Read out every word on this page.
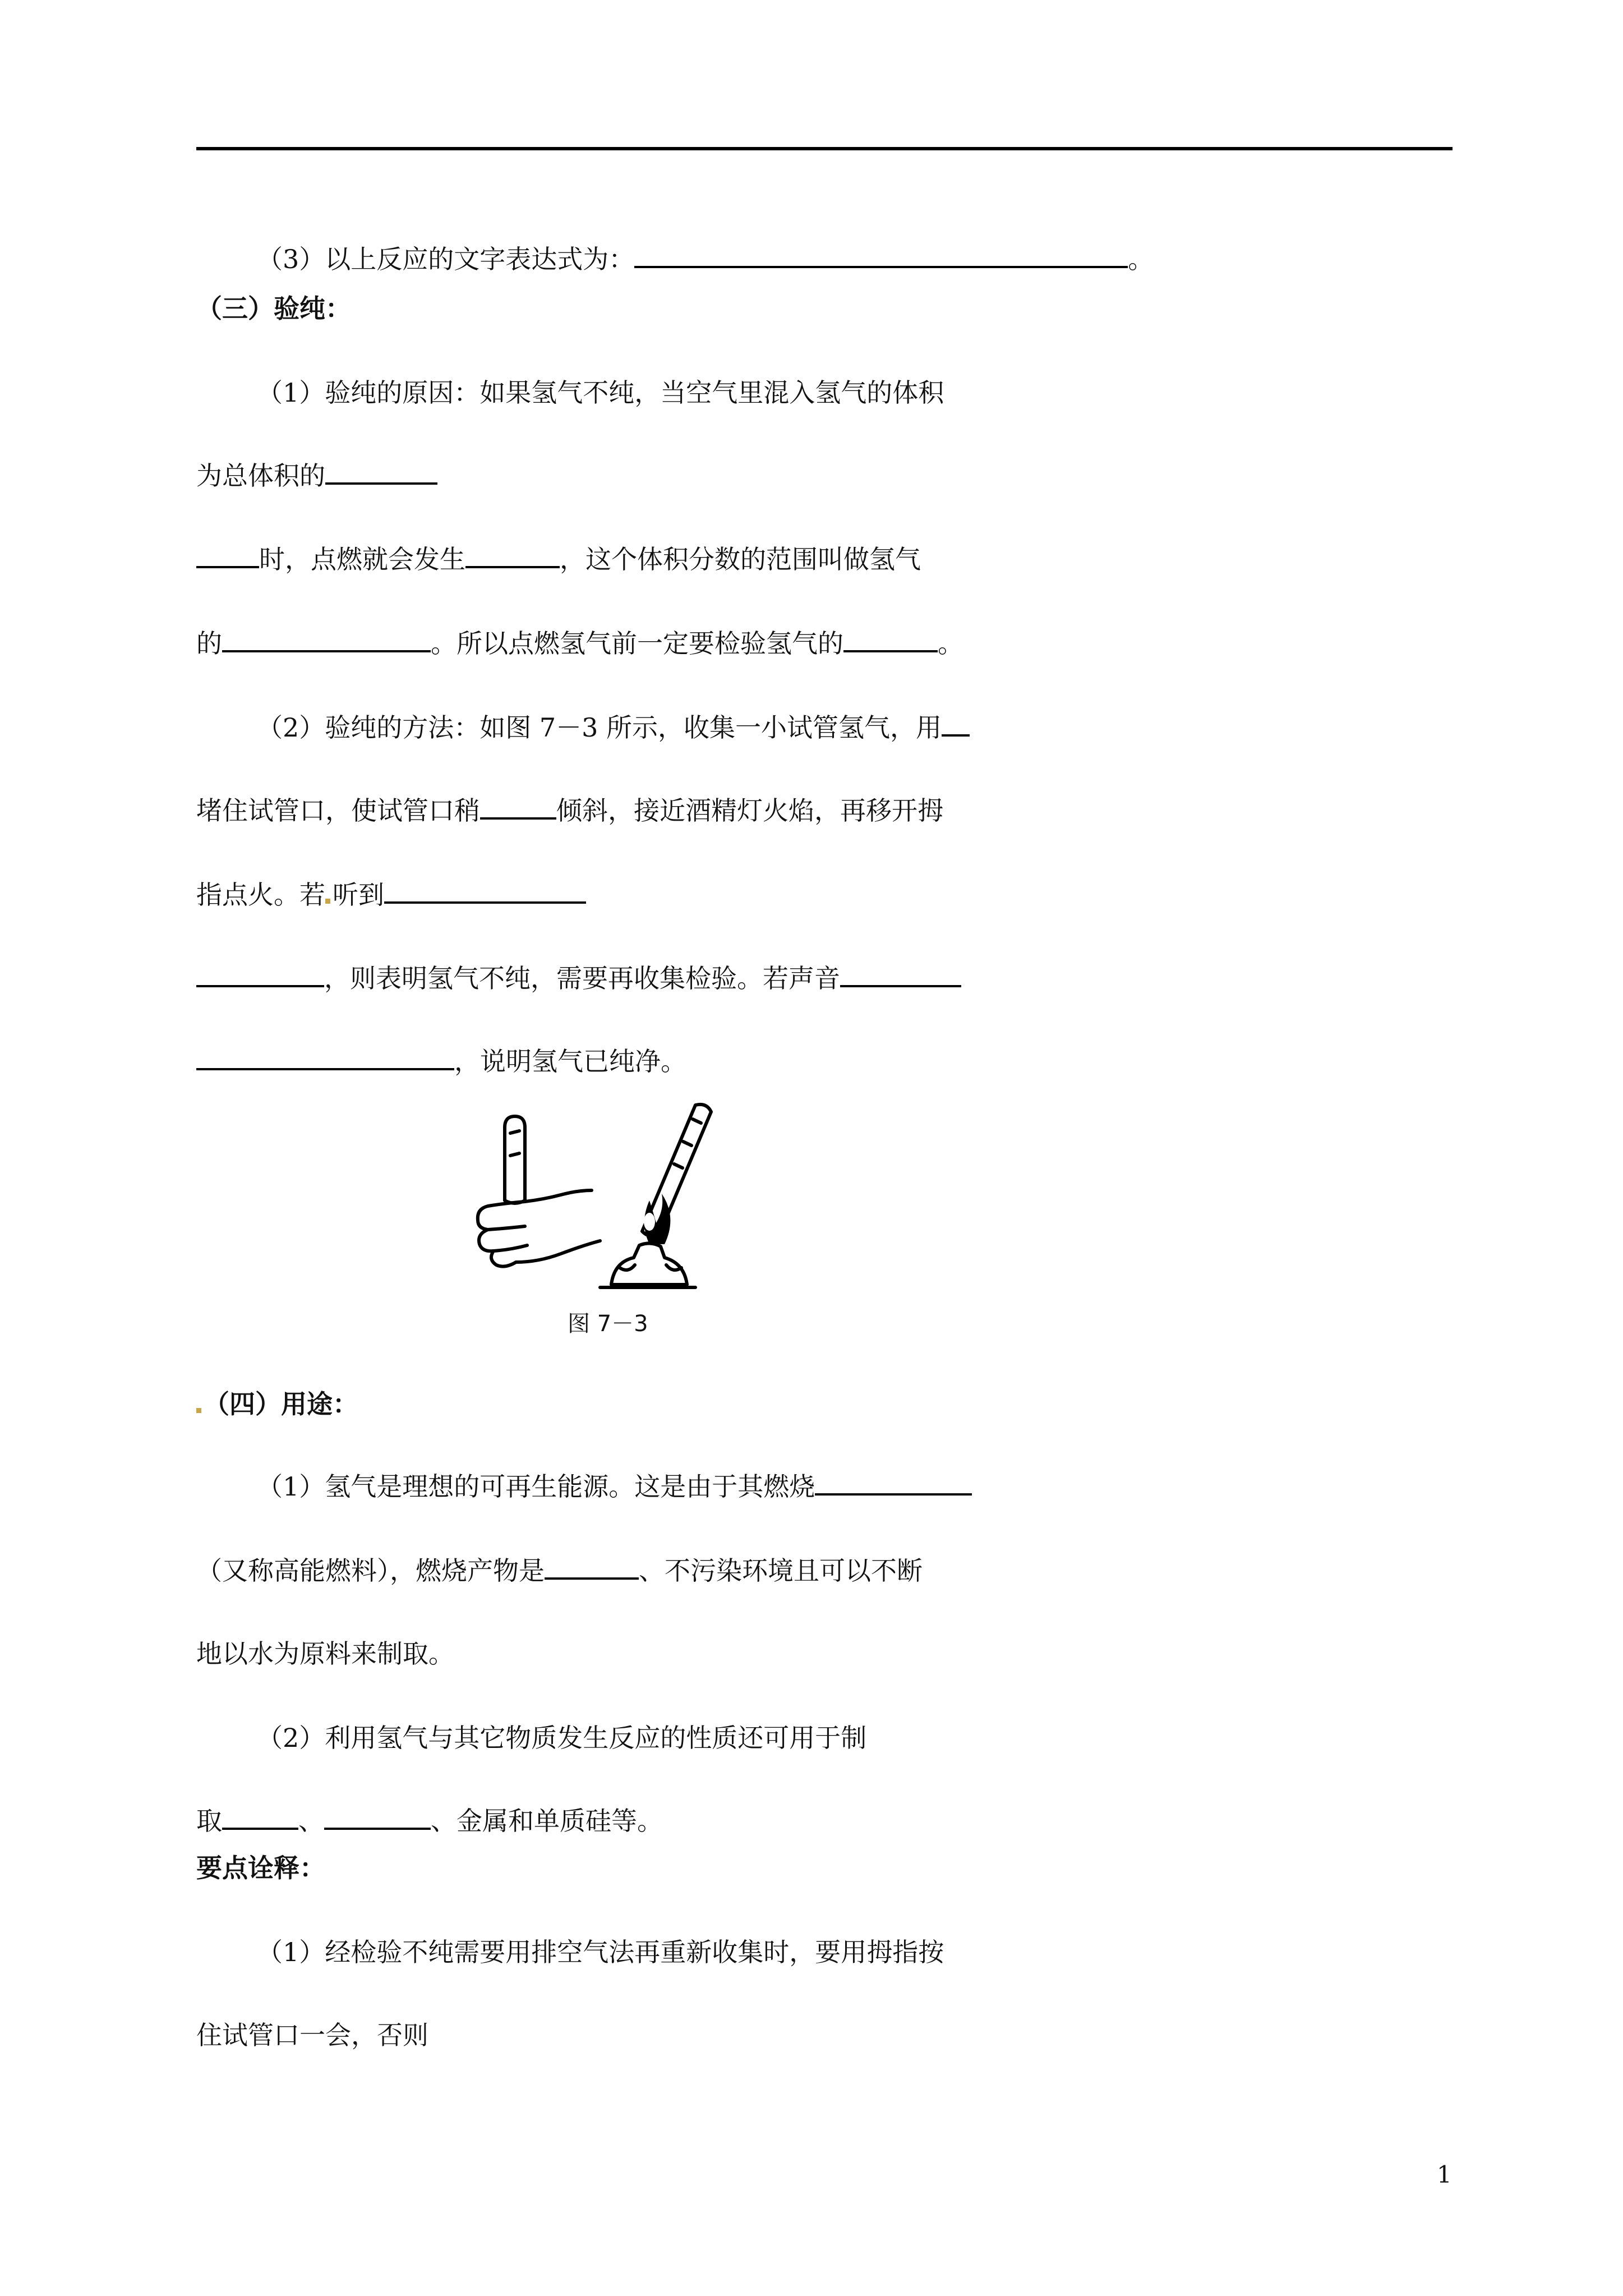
（3）以上反应的文字表达式为：	。
（三）验纯：
（1）验纯的原因：如果氢气不纯，当空气里混入氢气的体积
为总体积的
时，点燃就会发生	，这个体积分数的范围叫做氢气
的	。所以点燃氢气前一定要检验氢气的	。
（2）验纯的方法：如图 7－3 所示，收集一小试管氢气，用
堵住试管口，使试管口稍	倾斜，接近酒精灯火焰，再移开拇
指点火。若 听到
，则表明氢气不纯，需要再收集检验。若声音
，说明氢气已纯净。
图 7－3
（四）用途：
（1）氢气是理想的可再生能源。这是由于其燃烧
（又称高能燃料），燃烧产物是	、不污染环境且可以不断
地以水为原料来制取。
（2）利用氢气与其它物质发生反应的性质还可用于制
取	、	、金属和单质硅等。
要点诠释：
（1）经检验不纯需要用排空气法再重新收集时，要用拇指按
住试管口一会，否则
1
